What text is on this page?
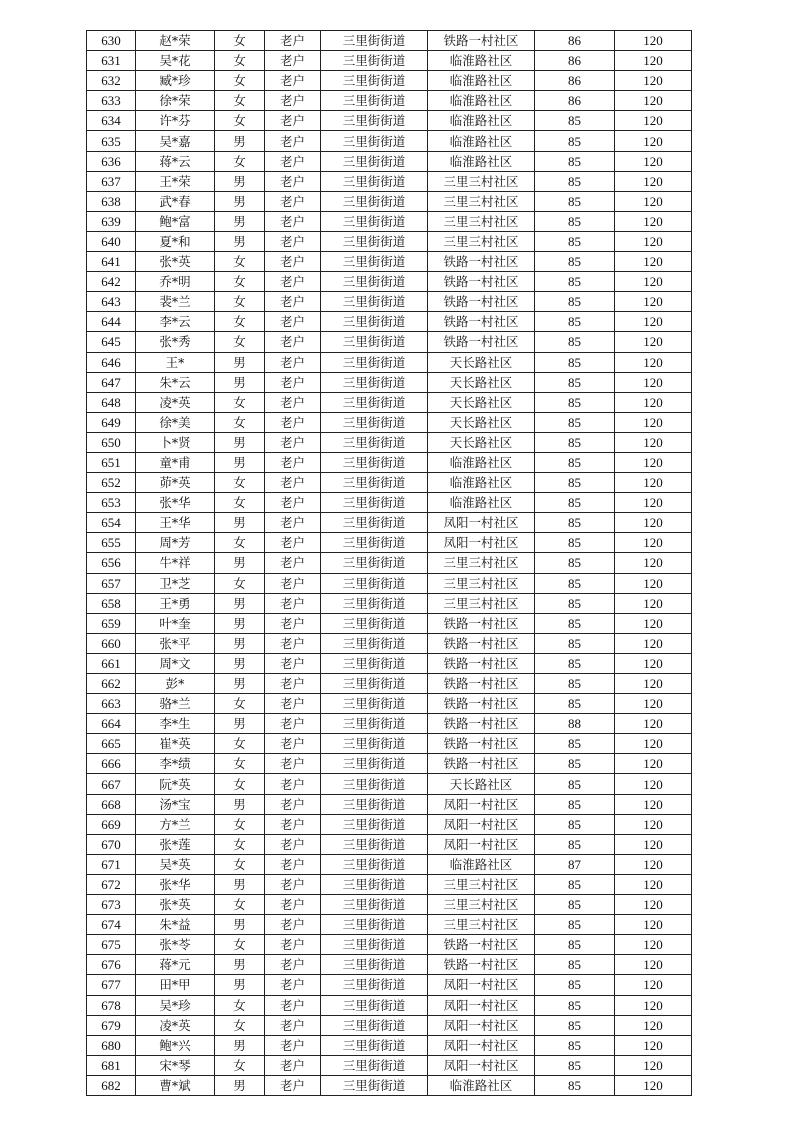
630	赵*荣	女	老户	三里街街道	铁路一村社区	86	120
631	吴*花	女	老户	三里街街道	临淮路社区	86	120
632	臧*珍	女	老户	三里街街道	临淮路社区	86	120
633	徐*荣	女	老户	三里街街道	临淮路社区	86	120
634	许*芬	女	老户	三里街街道	临淮路社区	85	120
635	吴*嘉	男	老户	三里街街道	临淮路社区	85	120
636	蒋*云	女	老户	三里街街道	临淮路社区	85	120
637	王*荣	男	老户	三里街街道	三里三村社区	85	120
638	武*春	男	老户	三里街街道	三里三村社区	85	120
639	鲍*富	男	老户	三里街街道	三里三村社区	85	120
640	夏*和	男	老户	三里街街道	三里三村社区	85	120
641	张*英	女	老户	三里街街道	铁路一村社区	85	120
642	乔*明	女	老户	三里街街道	铁路一村社区	85	120
643	裴*兰	女	老户	三里街街道	铁路一村社区	85	120
644	李*云	女	老户	三里街街道	铁路一村社区	85	120
645	张*秀	女	老户	三里街街道	铁路一村社区	85	120
646	王*	男	老户	三里街街道	天长路社区	85	120
647	朱*云	男	老户	三里街街道	天长路社区	85	120
648	凌*英	女	老户	三里街街道	天长路社区	85	120
649	徐*美	女	老户	三里街街道	天长路社区	85	120
650	卜*贤	男	老户	三里街街道	天长路社区	85	120
651	童*甫	男	老户	三里街街道	临淮路社区	85	120
652	茆*英	女	老户	三里街街道	临淮路社区	85	120
653	张*华	女	老户	三里街街道	临淮路社区	85	120
654	王*华	男	老户	三里街街道	凤阳一村社区	85	120
655	周*芳	女	老户	三里街街道	凤阳一村社区	85	120
656	牛*祥	男	老户	三里街街道	三里三村社区	85	120
657	卫*芝	女	老户	三里街街道	三里三村社区	85	120
658	王*勇	男	老户	三里街街道	三里三村社区	85	120
659	叶*奎	男	老户	三里街街道	铁路一村社区	85	120
660	张*平	男	老户	三里街街道	铁路一村社区	85	120
661	周*文	男	老户	三里街街道	铁路一村社区	85	120
662	彭*	男	老户	三里街街道	铁路一村社区	85	120
663	骆*兰	女	老户	三里街街道	铁路一村社区	85	120
664	李*生	男	老户	三里街街道	铁路一村社区	88	120
665	崔*英	女	老户	三里街街道	铁路一村社区	85	120
666	李*绩	女	老户	三里街街道	铁路一村社区	85	120
667	阮*英	女	老户	三里街街道	天长路社区	85	120
668	汤*宝	男	老户	三里街街道	凤阳一村社区	85	120
669	方*兰	女	老户	三里街街道	凤阳一村社区	85	120
670	张*莲	女	老户	三里街街道	凤阳一村社区	85	120
671	吴*英	女	老户	三里街街道	临淮路社区	87	120
672	张*华	男	老户	三里街街道	三里三村社区	85	120
673	张*英	女	老户	三里街街道	三里三村社区	85	120
674	朱*益	男	老户	三里街街道	三里三村社区	85	120
675	张*苓	女	老户	三里街街道	铁路一村社区	85	120
676	蒋*元	男	老户	三里街街道	铁路一村社区	85	120
677	田*甲	男	老户	三里街街道	凤阳一村社区	85	120
678	吴*珍	女	老户	三里街街道	凤阳一村社区	85	120
679	凌*英	女	老户	三里街街道	凤阳一村社区	85	120
680	鲍*兴	男	老户	三里街街道	凤阳一村社区	85	120
681	宋*琴	女	老户	三里街街道	凤阳一村社区	85	120
682	曹*斌	男	老户	三里街街道	临淮路社区	85	120
